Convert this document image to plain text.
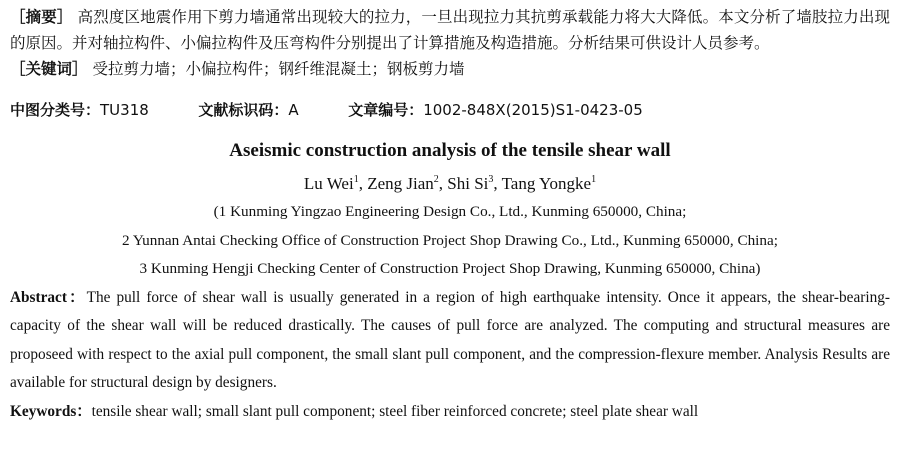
［摘要］ 高烈度区地震作用下剪力墙通常出现较大的拉力，一旦出现拉力其抗剪承载能力将大大降低。本文分析了墙肢拉力出现的原因。并对轴拉构件、小偏拉构件及压弯构件分别提出了计算措施及构造措施。分析结果可供设计人员参考。

［关键词］ 受拉剪力墙；小偏拉构件；钢纤维混凝土；钢板剪力墙

中图分类号：TU318	文献标识码：A	文章编号：1002-848X(2015)S1-0423-05

Aseismic construction analysis of the tensile shear wall

Lu Wei$^1$, Zeng Jian$^2$, Shi Si$^3$, Tang Yongke$^1$

(1 Kunming Yingzao Engineering Design Co., Ltd., Kunming 650000, China;

2 Yunnan Antai Checking Office of Construction Project Shop Drawing Co., Ltd., Kunming 650000, China;

3 Kunming Hengji Checking Center of Construction Project Shop Drawing, Kunming 650000, China)

Abstract：The pull force of shear wall is usually generated in a region of high earthquake intensity. Once it appears, the shear-bearing-capacity of the shear wall will be reduced drastically. The causes of pull force are analyzed. The computing and structural measures are proposeed with respect to the axial pull component, the small slant pull component, and the compression-flexure member. Analysis Results are available for structural design by designers.

Keywords：tensile shear wall; small slant pull component; steel fiber reinforced concrete; steel plate shear wall
